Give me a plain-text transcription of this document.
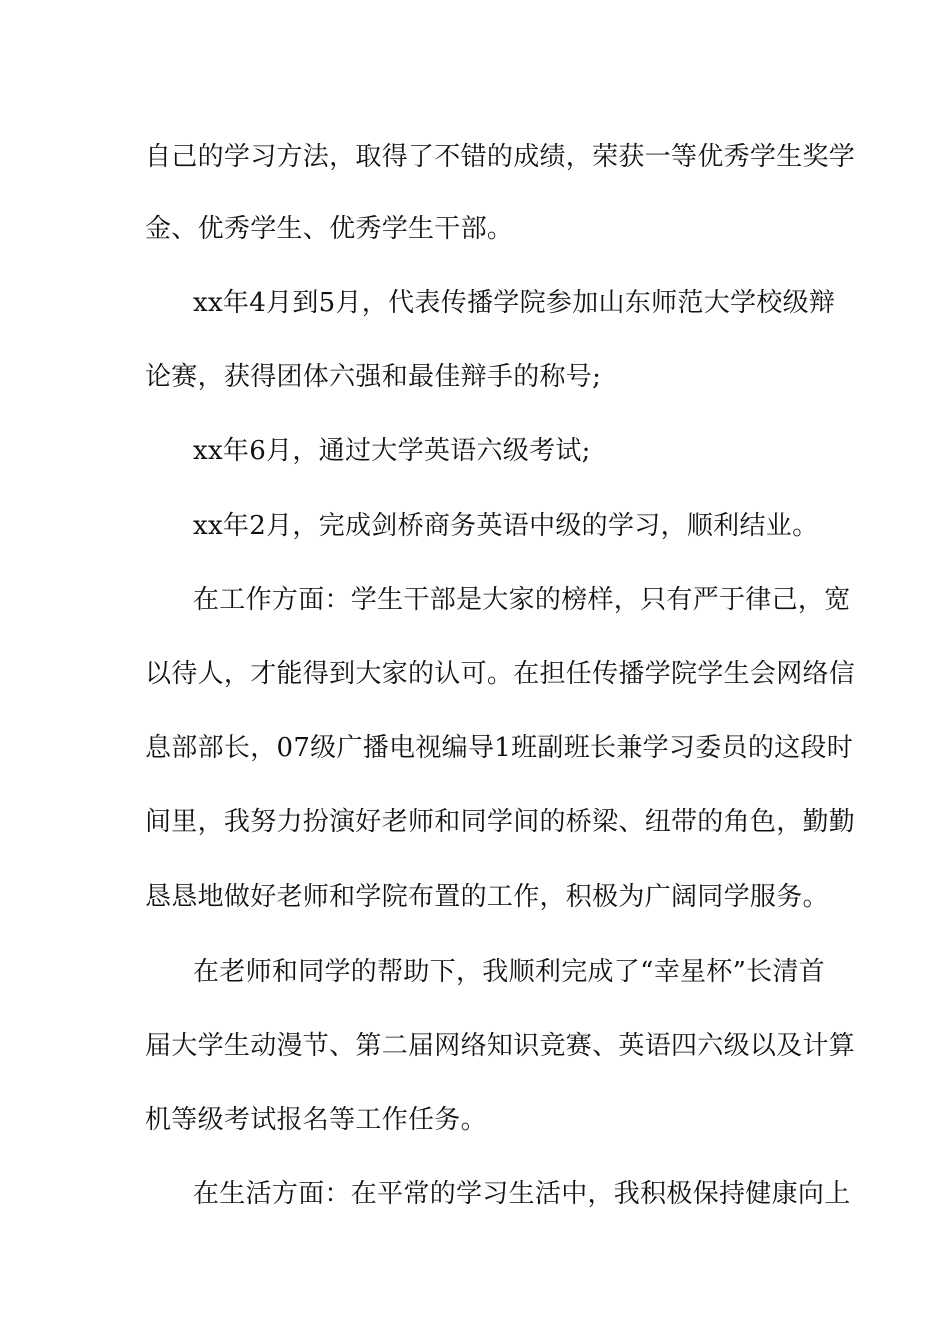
自己的学习方法，取得了不错的成绩，荣获一等优秀学生奖学
金、优秀学生、优秀学生干部。
xx年4月到5月，代表传播学院参加山东师范大学校级辩
论赛，获得团体六强和最佳辩手的称号;
xx年6月，通过大学英语六级考试;
xx年2月，完成剑桥商务英语中级的学习，顺利结业。
在工作方面：学生干部是大家的榜样，只有严于律己，宽
以待人，才能得到大家的认可。在担任传播学院学生会网络信
息部部长，07级广播电视编导1班副班长兼学习委员的这段时
间里，我努力扮演好老师和同学间的桥梁、纽带的角色，勤勤
恳恳地做好老师和学院布置的工作，积极为广阔同学服务。
在老师和同学的帮助下，我顺利完成了“幸星杯”长清首
届大学生动漫节、第二届网络知识竞赛、英语四六级以及计算
机等级考试报名等工作任务。
在生活方面：在平常的学习生活中，我积极保持健康向上
